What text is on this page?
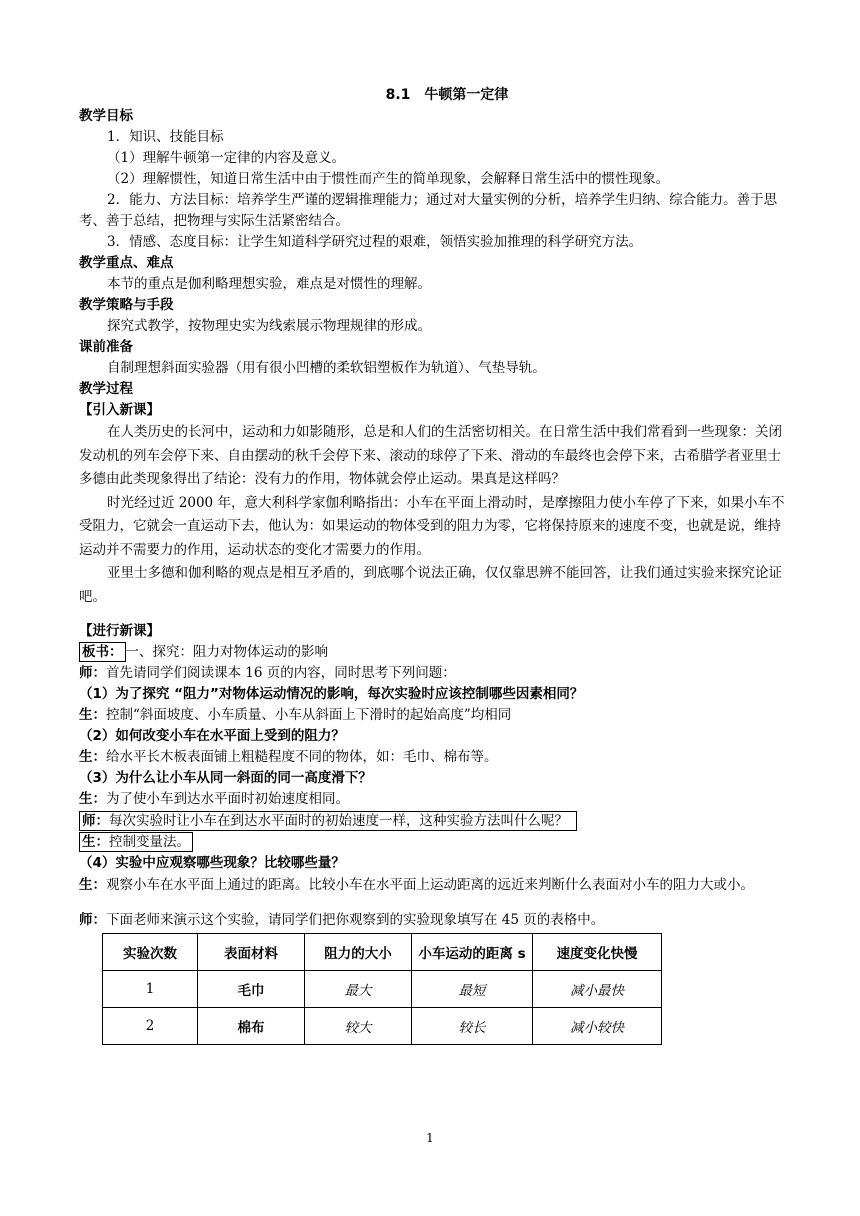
8.1　牛顿第一定律
教学目标

1．知识、技能目标

（1）理解牛顿第一定律的内容及意义。

（2）理解惯性，知道日常生活中由于惯性而产生的简单现象，会解释日常生活中的惯性现象。

2．能力、方法目标：培养学生严谨的逻辑推理能力；通过对大量实例的分析，培养学生归纳、综合能力。善于思考、善于总结，把物理与实际生活紧密结合。

3．情感、态度目标：让学生知道科学研究过程的艰难，领悟实验加推理的科学研究方法。

教学重点、难点

本节的重点是伽利略理想实验，难点是对惯性的理解。

教学策略与手段

探究式教学，按物理史实为线索展示物理规律的形成。

课前准备

自制理想斜面实验器（用有很小凹槽的柔软铝塑板作为轨道）、气垫导轨。

教学过程
【引入新课】

在人类历史的长河中，运动和力如影随形，总是和人们的生活密切相关。在日常生活中我们常看到一些现象：关闭发动机的列车会停下来、自由摆动的秋千会停下来、滚动的球停了下来、滑动的车最终也会停下来，古希腊学者亚里士多德由此类现象得出了结论：没有力的作用，物体就会停止运动。果真是这样吗？

时光经过近 2000 年，意大利科学家伽利略指出：小车在平面上滑动时，是摩擦阻力使小车停了下来，如果小车不受阻力，它就会一直运动下去，他认为：如果运动的物体受到的阻力为零，它将保持原来的速度不变，也就是说，维持运动并不需要力的作用，运动状态的变化才需要力的作用。

亚里士多德和伽利略的观点是相互矛盾的，到底哪个说法正确，仅仅靠思辨不能回答，让我们通过实验来探究论证吧。

【进行新课】

板书： 一、探究：阻力对物体运动的影响

师：首先请同学们阅读课本 16 页的内容，同时思考下列问题：

（1）为了探究 “阻力”对物体运动情况的影响，每次实验时应该控制哪些因素相同？

生：控制“斜面坡度、小车质量、小车从斜面上下滑时的起始高度”均相同

（2）如何改变小车在水平面上受到的阻力？

生：给水平长木板表面铺上粗糙程度不同的物体，如：毛巾、棉布等。

（3）为什么让小车从同一斜面的同一高度滑下？

生：为了使小车到达水平面时初始速度相同。

师：每次实验时让小车在到达水平面时的初始速度一样，这种实验方法叫什么呢？

生：控制变量法。

（4）实验中应观察哪些现象？比较哪些量？

生：观察小车在水平面上通过的距离。比较小车在水平面上运动距离的远近来判断什么表面对小车的阻力大或小。

师：下面老师来演示这个实验，请同学们把你观察到的实验现象填写在 45 页的表格中。

实验次数	表面材料	阻力的大小	小车运动的距离 s	速度变化快慢
1	毛巾	最大	最短	减小最快
2	棉布	较大	较长	减小较快
1
